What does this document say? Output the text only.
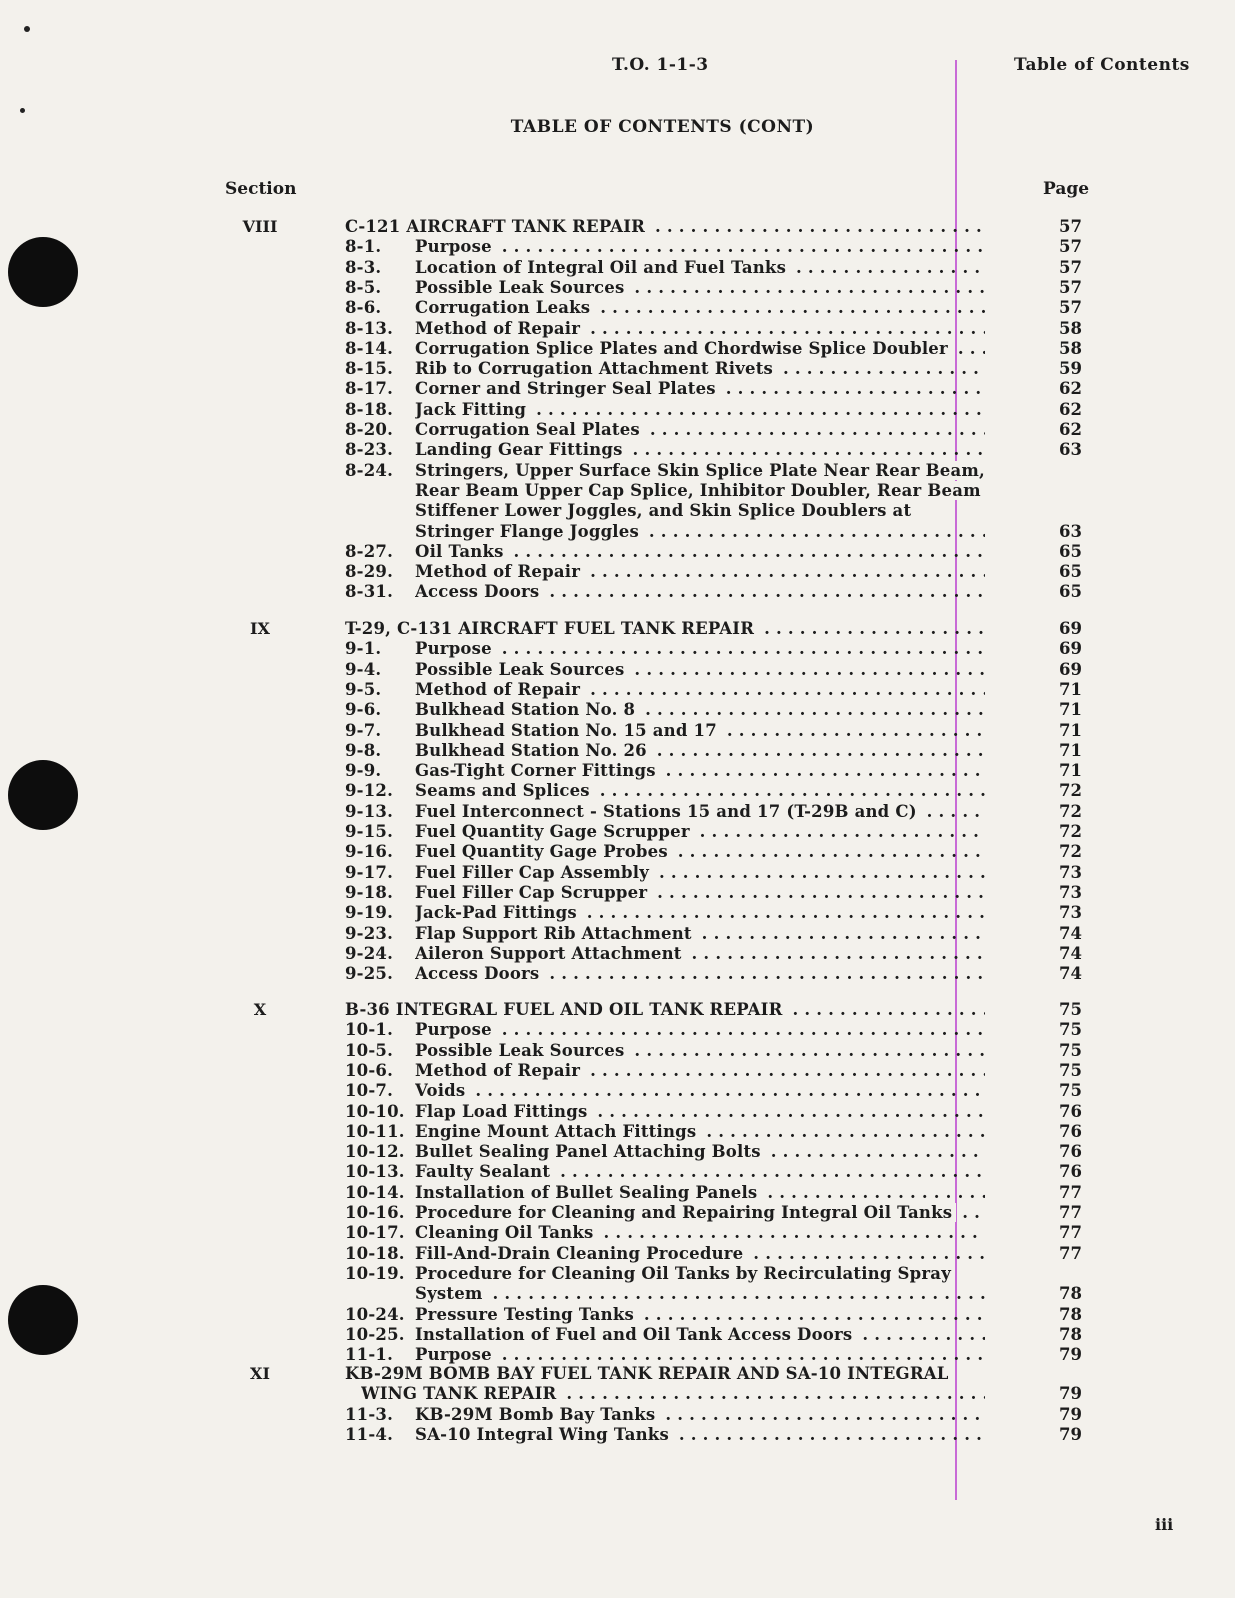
T.O. 1-1-3	Table of Contents
TABLE OF CONTENTS (CONT)
Section	Page
VIII	C-121 AIRCRAFT TANK REPAIR . . .	57
8-1. Purpose . . .	57
8-3. Location of Integral Oil and Fuel Tanks . . .	57
8-5. Possible Leak Sources . . .	57
8-6. Corrugation Leaks . . .	57
8-13. Method of Repair . . .	58
8-14. Corrugation Splice Plates and Chordwise Splice Doubler . . .	58
8-15. Rib to Corrugation Attachment Rivets . . .	59
8-17. Corner and Stringer Seal Plates . . .	62
8-18. Jack Fitting . . .	62
8-20. Corrugation Seal Plates . . .	62
8-23. Landing Gear Fittings . . .	63
8-24. Stringers, Upper Surface Skin Splice Plate Near Rear Beam,
Rear Beam Upper Cap Splice, Inhibitor Doubler, Rear Beam
Stiffener Lower Joggles, and Skin Splice Doublers at
Stringer Flange Joggles . . .	63
8-27. Oil Tanks . . .	65
8-29. Method of Repair . . .	65
8-31. Access Doors . . .	65
IX	T-29, C-131 AIRCRAFT FUEL TANK REPAIR . . .	69
9-1. Purpose . . .	69
9-4. Possible Leak Sources . . .	69
9-5. Method of Repair . . .	71
9-6. Bulkhead Station No. 8 . . .	71
9-7. Bulkhead Station No. 15 and 17 . . .	71
9-8. Bulkhead Station No. 26 . . .	71
9-9. Gas-Tight Corner Fittings . . .	71
9-12. Seams and Splices . . .	72
9-13. Fuel Interconnect - Stations 15 and 17 (T-29B and C) . . .	72
9-15. Fuel Quantity Gage Scrupper . . .	72
9-16. Fuel Quantity Gage Probes . . .	72
9-17. Fuel Filler Cap Assembly . . .	73
9-18. Fuel Filler Cap Scrupper . . .	73
9-19. Jack-Pad Fittings . . .	73
9-23. Flap Support Rib Attachment . . .	74
9-24. Aileron Support Attachment . . .	74
9-25. Access Doors . . .	74
X	B-36 INTEGRAL FUEL AND OIL TANK REPAIR . . .	75
10-1. Purpose . . .	75
10-5. Possible Leak Sources . . .	75
10-6. Method of Repair . . .	75
10-7. Voids . . .	75
10-10. Flap Load Fittings . . .	76
10-11. Engine Mount Attach Fittings . . .	76
10-12. Bullet Sealing Panel Attaching Bolts . . .	76
10-13. Faulty Sealant . . .	76
10-14. Installation of Bullet Sealing Panels . . .	77
10-16. Procedure for Cleaning and Repairing Integral Oil Tanks . . .	77
10-17. Cleaning Oil Tanks . . .	77
10-18. Fill-And-Drain Cleaning Procedure . . .	77
10-19. Procedure for Cleaning Oil Tanks by Recirculating Spray
System . . .	78
10-24. Pressure Testing Tanks . . .	78
10-25. Installation of Fuel and Oil Tank Access Doors . . .	78
11-1. Purpose . . .	79
XI	KB-29M BOMB BAY FUEL TANK REPAIR AND SA-10 INTEGRAL
WING TANK REPAIR . . .	79
11-3. KB-29M Bomb Bay Tanks . . .	79
11-4. SA-10 Integral Wing Tanks . . .	79
iii
